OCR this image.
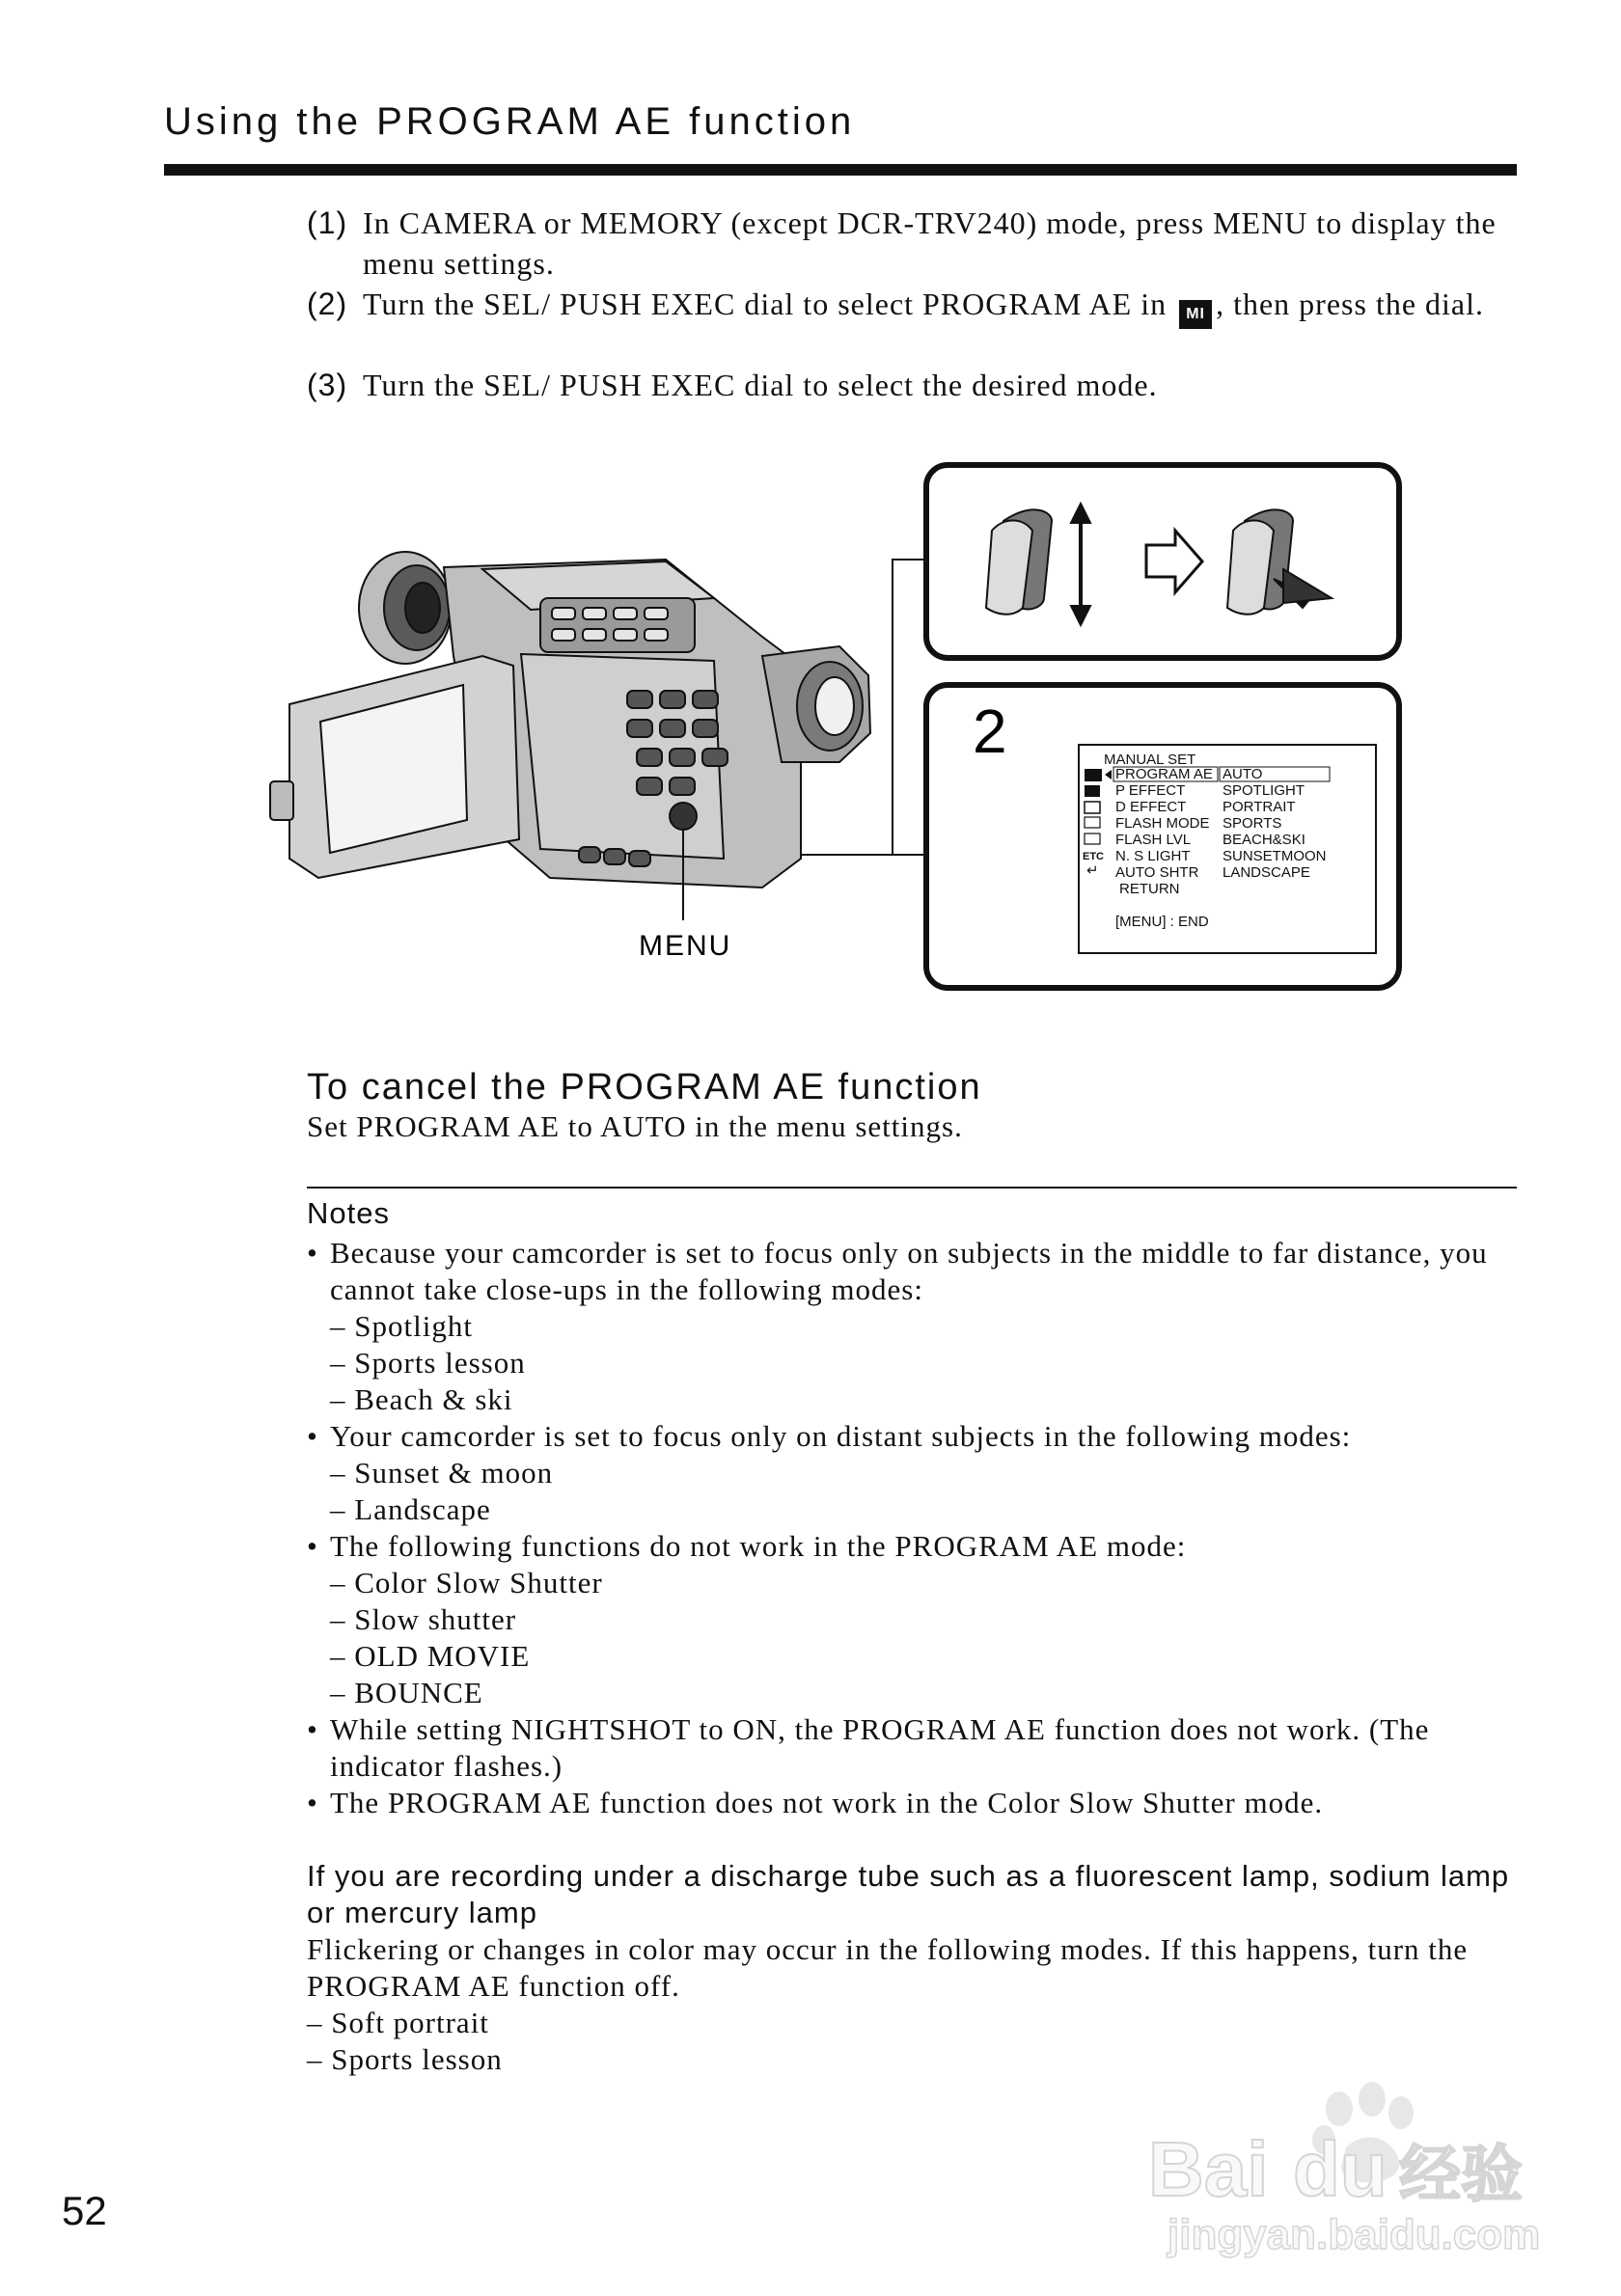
Using the PROGRAM AE function
(1) In CAMERA or MEMORY (except DCR-TRV240) mode, press MENU to display the menu settings.
(2) Turn the SEL/ PUSH EXEC dial to select PROGRAM AE in MI , then press the dial.
(3) Turn the SEL/ PUSH EXEC dial to select the desired mode.
MENU
2	MANUAL SET
ETC
↵
PROGRAM AE
P EFFECT
D EFFECT
FLASH MODE
FLASH LVL
N. S LIGHT
AUTO SHTR
RETURN
AUTO
SPOTLIGHT
PORTRAIT
SPORTS
BEACH&SKI
SUNSETMOON
LANDSCAPE
[MENU] : END
To cancel the PROGRAM AE function
Set PROGRAM AE to AUTO in the menu settings.
Notes
• Because your camcorder is set to focus only on subjects in the middle to far distance, you cannot take close-ups in the following modes:
– Spotlight
– Sports lesson
– Beach & ski
• Your camcorder is set to focus only on distant subjects in the following modes:
– Sunset & moon
– Landscape
• The following functions do not work in the PROGRAM AE mode:
– Color Slow Shutter
– Slow shutter
– OLD MOVIE
– BOUNCE
• While setting NIGHTSHOT to ON, the PROGRAM AE function does not work. (The indicator flashes.)
• The PROGRAM AE function does not work in the Color Slow Shutter mode.
If you are recording under a discharge tube such as a fluorescent lamp, sodium lamp or mercury lamp
Flickering or changes in color may occur in the following modes. If this happens, turn the PROGRAM AE function off.
– Soft portrait
– Sports lesson
52	Bai du 经验
jingyan.baidu.com
